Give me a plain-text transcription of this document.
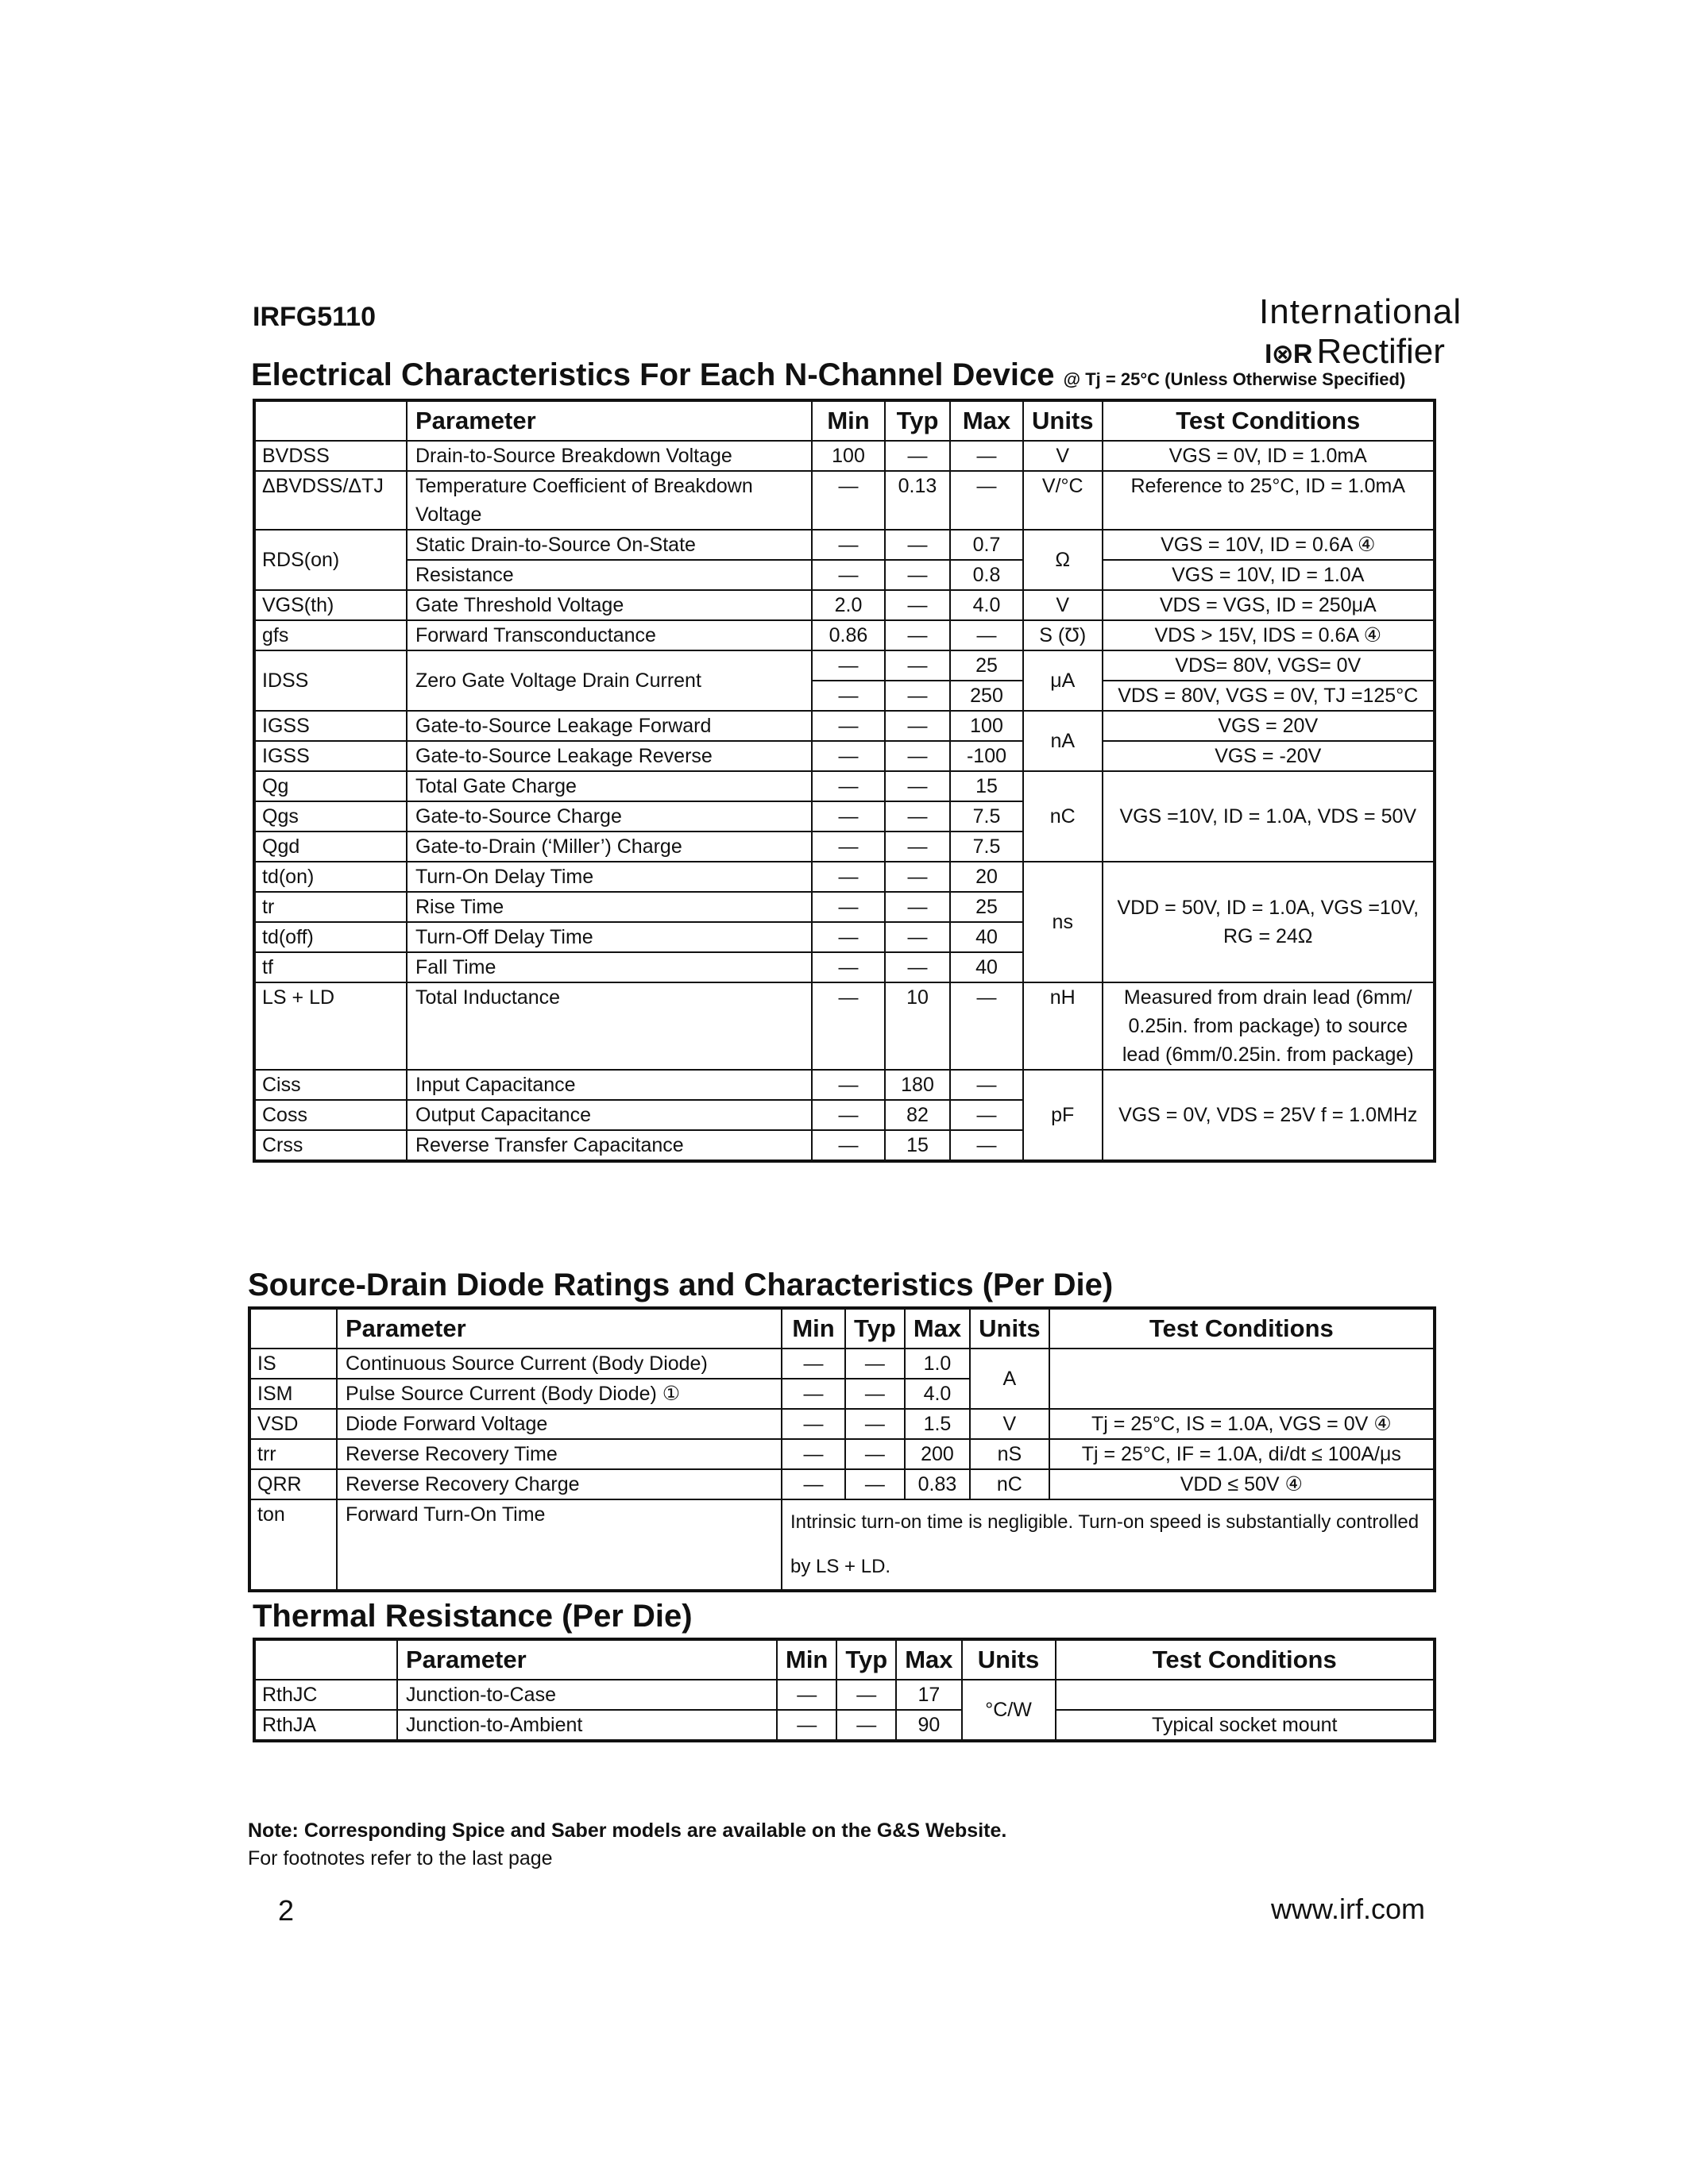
IRFG5110	International
I⊗R Rectifier
Electrical Characteristics For Each N-Channel Device @ Tj = 25°C (Unless Otherwise Specified)
	Parameter	Min	Typ	Max	Units	Test Conditions
BVDSS	Drain-to-Source Breakdown Voltage	100	—	—	V	VGS = 0V, ID = 1.0mA
ΔBVDSS/ΔTJ	Temperature Coefficient of Breakdown Voltage	—	0.13	—	V/°C	Reference to 25°C, ID = 1.0mA
RDS(on)	Static Drain-to-Source On-State	—	—	0.7	Ω	VGS = 10V, ID = 0.6A ④
	Resistance	—	—	0.8		VGS = 10V, ID = 1.0A
VGS(th)	Gate Threshold Voltage	2.0	—	4.0	V	VDS = VGS, ID = 250μA
gfs	Forward Transconductance	0.86	—	—	S (Ʊ)	VDS > 15V, IDS = 0.6A ④
IDSS	Zero Gate Voltage Drain Current	—	—	25	μA	VDS= 80V, VGS= 0V
		—	—	250		VDS = 80V, VGS = 0V, TJ =125°C
IGSS	Gate-to-Source Leakage Forward	—	—	100	nA	VGS = 20V
IGSS	Gate-to-Source Leakage Reverse	—	—	-100		VGS = -20V
Qg	Total Gate Charge	—	—	15	nC	VGS =10V, ID = 1.0A, VDS = 50V
Qgs	Gate-to-Source Charge	—	—	7.5		
Qgd	Gate-to-Drain (‘Miller’) Charge	—	—	7.5		
td(on)	Turn-On Delay Time	—	—	20	ns	VDD = 50V, ID = 1.0A, VGS =10V, RG = 24Ω
tr	Rise Time	—	—	25		
td(off)	Turn-Off Delay Time	—	—	40		
tf	Fall Time	—	—	40		
LS + LD	Total Inductance	—	10	—	nH	Measured from drain lead (6mm/ 0.25in. from package) to source lead (6mm/0.25in. from package)
Ciss	Input Capacitance	—	180	—	pF	VGS = 0V, VDS = 25V f = 1.0MHz
Coss	Output Capacitance	—	82	—		
Crss	Reverse Transfer Capacitance	—	15	—		
Source-Drain Diode Ratings and Characteristics (Per Die)
	Parameter	Min	Typ	Max	Units	Test Conditions
IS	Continuous Source Current (Body Diode)	—	—	1.0	A	
ISM	Pulse Source Current (Body Diode) ①	—	—	4.0		
VSD	Diode Forward Voltage	—	—	1.5	V	Tj = 25°C, IS = 1.0A, VGS = 0V ④
trr	Reverse Recovery Time	—	—	200	nS	Tj = 25°C, IF = 1.0A, di/dt ≤ 100A/μs
QRR	Reverse Recovery Charge	—	—	0.83	nC	VDD ≤ 50V ④
ton	Forward Turn-On Time	Intrinsic turn-on time is negligible. Turn-on speed is substantially controlled by LS + LD.				
Thermal Resistance (Per Die)
	Parameter	Min	Typ	Max	Units	Test Conditions
RthJC	Junction-to-Case	—	—	17	°C/W	
RthJA	Junction-to-Ambient	—	—	90		Typical socket mount
Note: Corresponding Spice and Saber models are available on the G&S Website.
For footnotes refer to the last page
2	www.irf.com
